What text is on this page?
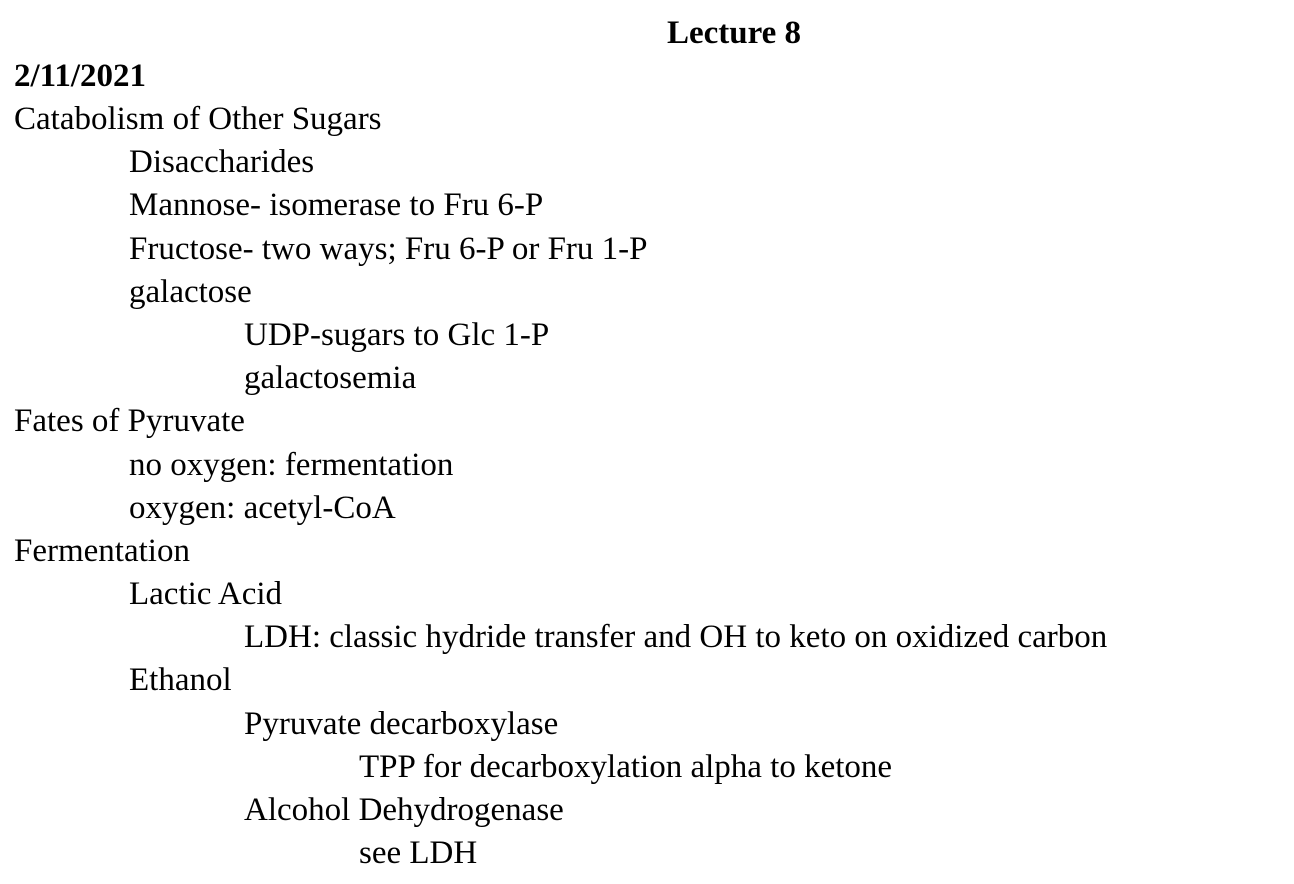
Lecture 8
2/11/2021
Catabolism of Other Sugars
Disaccharides
Mannose- isomerase to Fru 6-P
Fructose- two ways; Fru 6-P or Fru 1-P
galactose
UDP-sugars to Glc 1-P
galactosemia
Fates of Pyruvate
no oxygen: fermentation
oxygen: acetyl-CoA
Fermentation
Lactic Acid
LDH: classic hydride transfer and OH to keto on oxidized carbon
Ethanol
Pyruvate decarboxylase
TPP for decarboxylation alpha to ketone
Alcohol Dehydrogenase
see LDH
